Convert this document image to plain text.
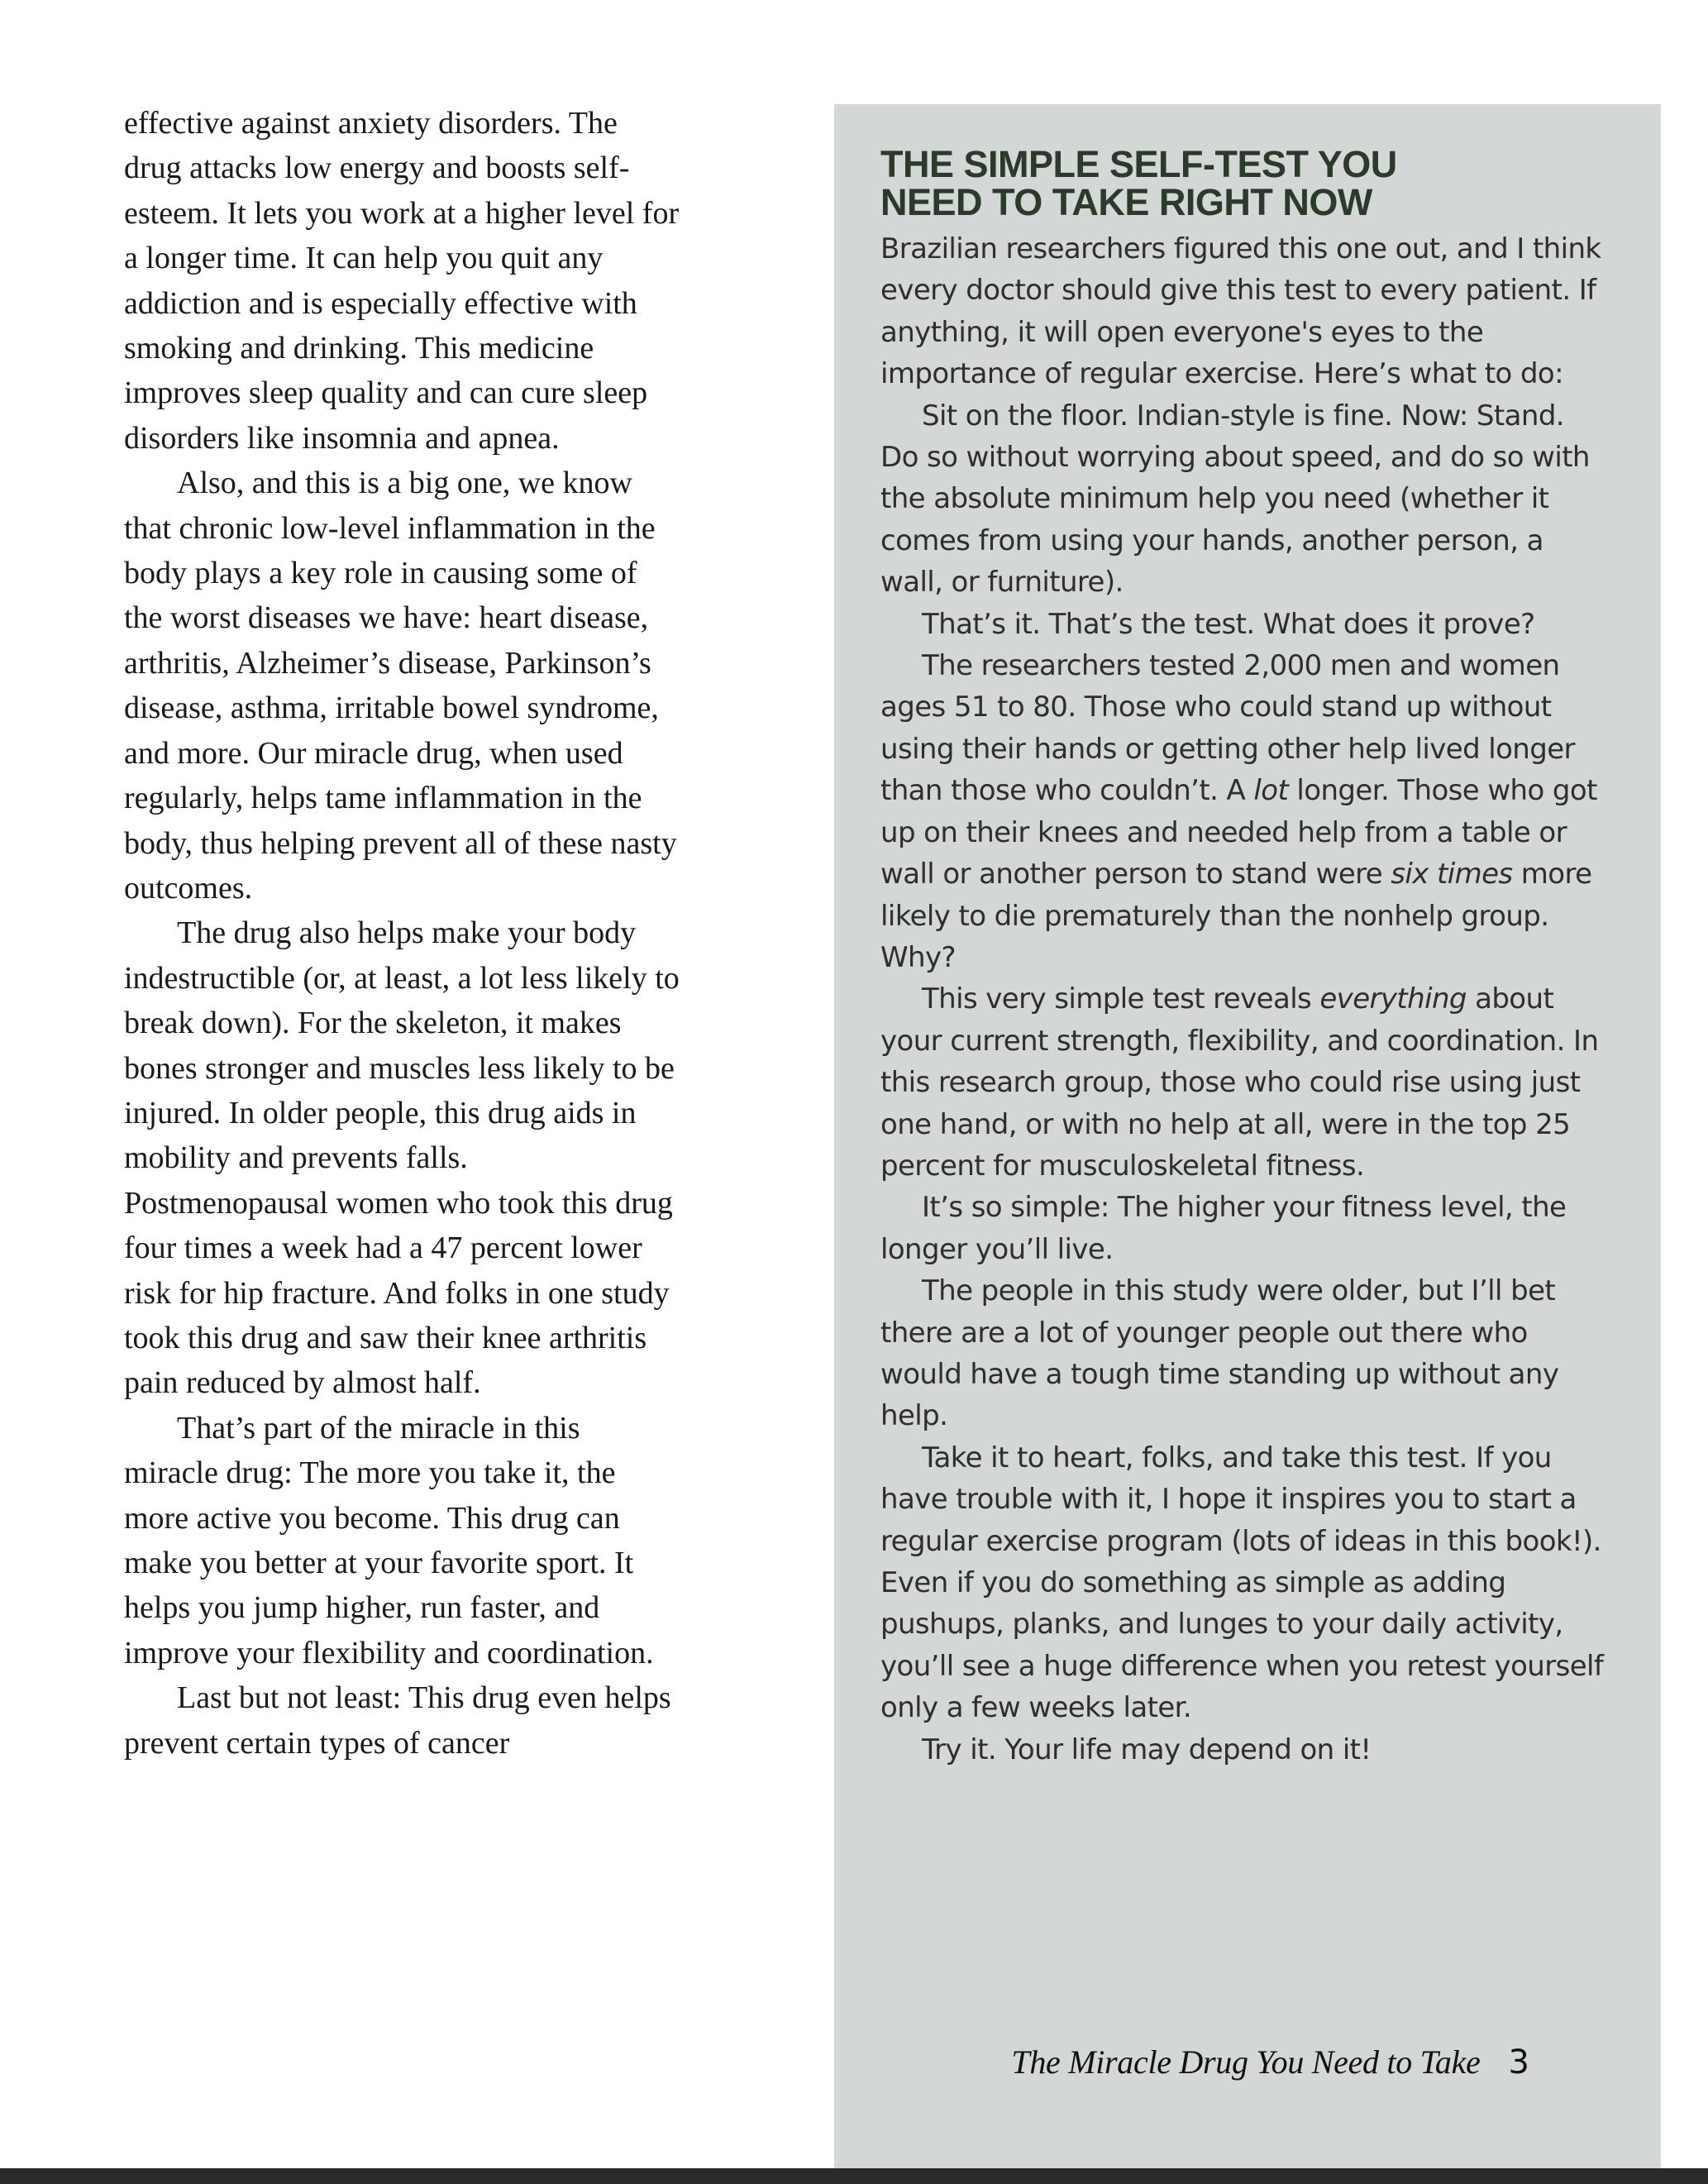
effective against anxiety disorders. The drug attacks low energy and boosts self-esteem. It lets you work at a higher level for a longer time. It can help you quit any addiction and is especially effective with smoking and drinking. This medicine improves sleep quality and can cure sleep disorders like insomnia and apnea.

Also, and this is a big one, we know that chronic low-level inflammation in the body plays a key role in causing some of the worst diseases we have: heart disease, arthritis, Alzheimer’s disease, Parkinson’s disease, asthma, irritable bowel syndrome, and more. Our miracle drug, when used regularly, helps tame inflammation in the body, thus helping prevent all of these nasty outcomes.

The drug also helps make your body indestructible (or, at least, a lot less likely to break down). For the skeleton, it makes bones stronger and muscles less likely to be injured. In older people, this drug aids in mobility and prevents falls. Postmenopausal women who took this drug four times a week had a 47 percent lower risk for hip fracture. And folks in one study took this drug and saw their knee arthritis pain reduced by almost half.

That’s part of the miracle in this miracle drug: The more you take it, the more active you become. This drug can make you better at your favorite sport. It helps you jump higher, run faster, and improve your flexibility and coordination.

Last but not least: This drug even helps prevent certain types of cancer

THE SIMPLE SELF-TEST YOU
NEED TO TAKE RIGHT NOW

Brazilian researchers figured this one out, and I think every doctor should give this test to every patient. If anything, it will open everyone's eyes to the importance of regular exercise. Here’s what to do:

Sit on the floor. Indian-style is fine. Now: Stand. Do so without worrying about speed, and do so with the absolute minimum help you need (whether it comes from using your hands, another person, a wall, or furniture).

That’s it. That’s the test. What does it prove?

The researchers tested 2,000 men and women ages 51 to 80. Those who could stand up without using their hands or getting other help lived longer than those who couldn’t. A lot longer. Those who got up on their knees and needed help from a table or wall or another person to stand were six times more likely to die prematurely than the nonhelp group. Why?

This very simple test reveals everything about your current strength, flexibility, and coordination. In this research group, those who could rise using just one hand, or with no help at all, were in the top 25 percent for musculoskeletal fitness.

It’s so simple: The higher your fitness level, the longer you’ll live.

The people in this study were older, but I’ll bet there are a lot of younger people out there who would have a tough time standing up without any help.

Take it to heart, folks, and take this test. If you have trouble with it, I hope it inspires you to start a regular exercise program (lots of ideas in this book!). Even if you do something as simple as adding pushups, planks, and lunges to your daily activity, you’ll see a huge difference when you retest yourself only a few weeks later.

Try it. Your life may depend on it!

The Miracle Drug You Need to Take 3
